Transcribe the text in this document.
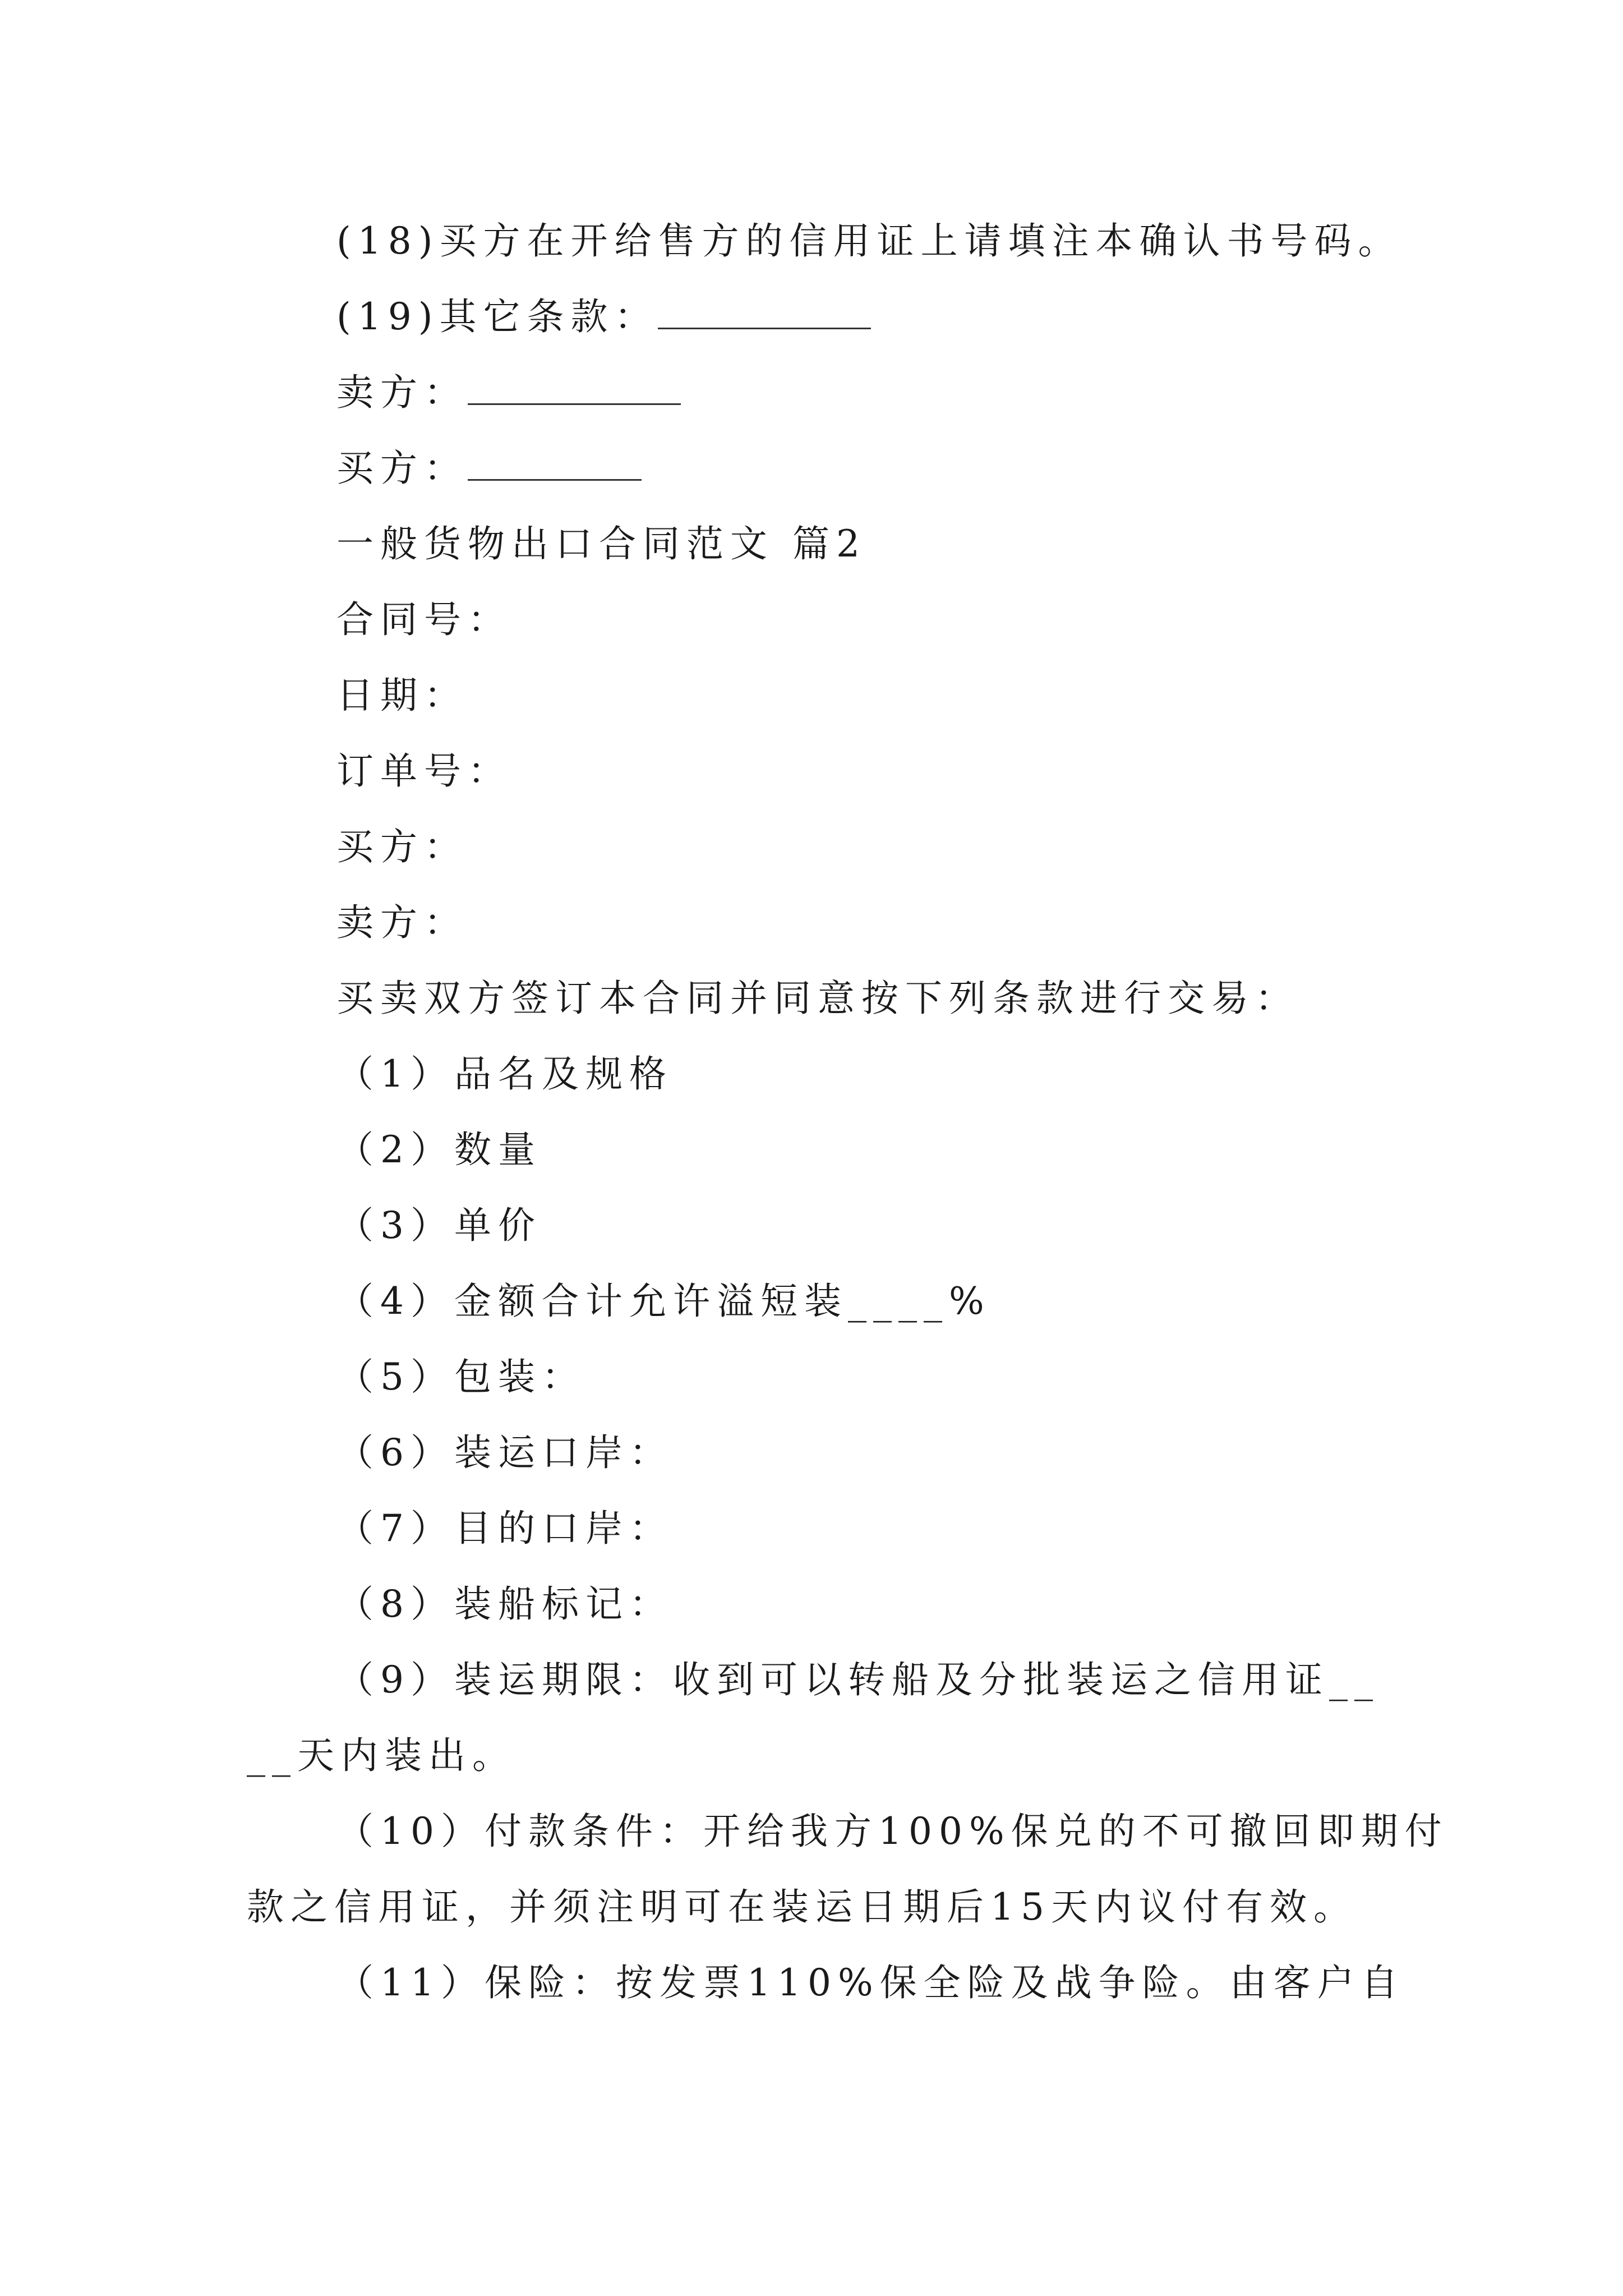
(18)买方在开给售方的信用证上请填注本确认书号码。
(19)其它条款：
卖方：
买方：
一般货物出口合同范文 篇2
合同号：
日期：
订单号：
买方：
卖方：
买卖双方签订本合同并同意按下列条款进行交易：
（1）品名及规格
（2）数量
（3）单价
（4）金额合计允许溢短装____%
（5）包装：
（6）装运口岸：
（7）目的口岸：
（8）装船标记：
（9）装运期限：收到可以转船及分批装运之信用证__
__天内装出。
（10）付款条件：开给我方100%保兑的不可撤回即期付
款之信用证，并须注明可在装运日期后15天内议付有效。
（11）保险：按发票110%保全险及战争险。由客户自
